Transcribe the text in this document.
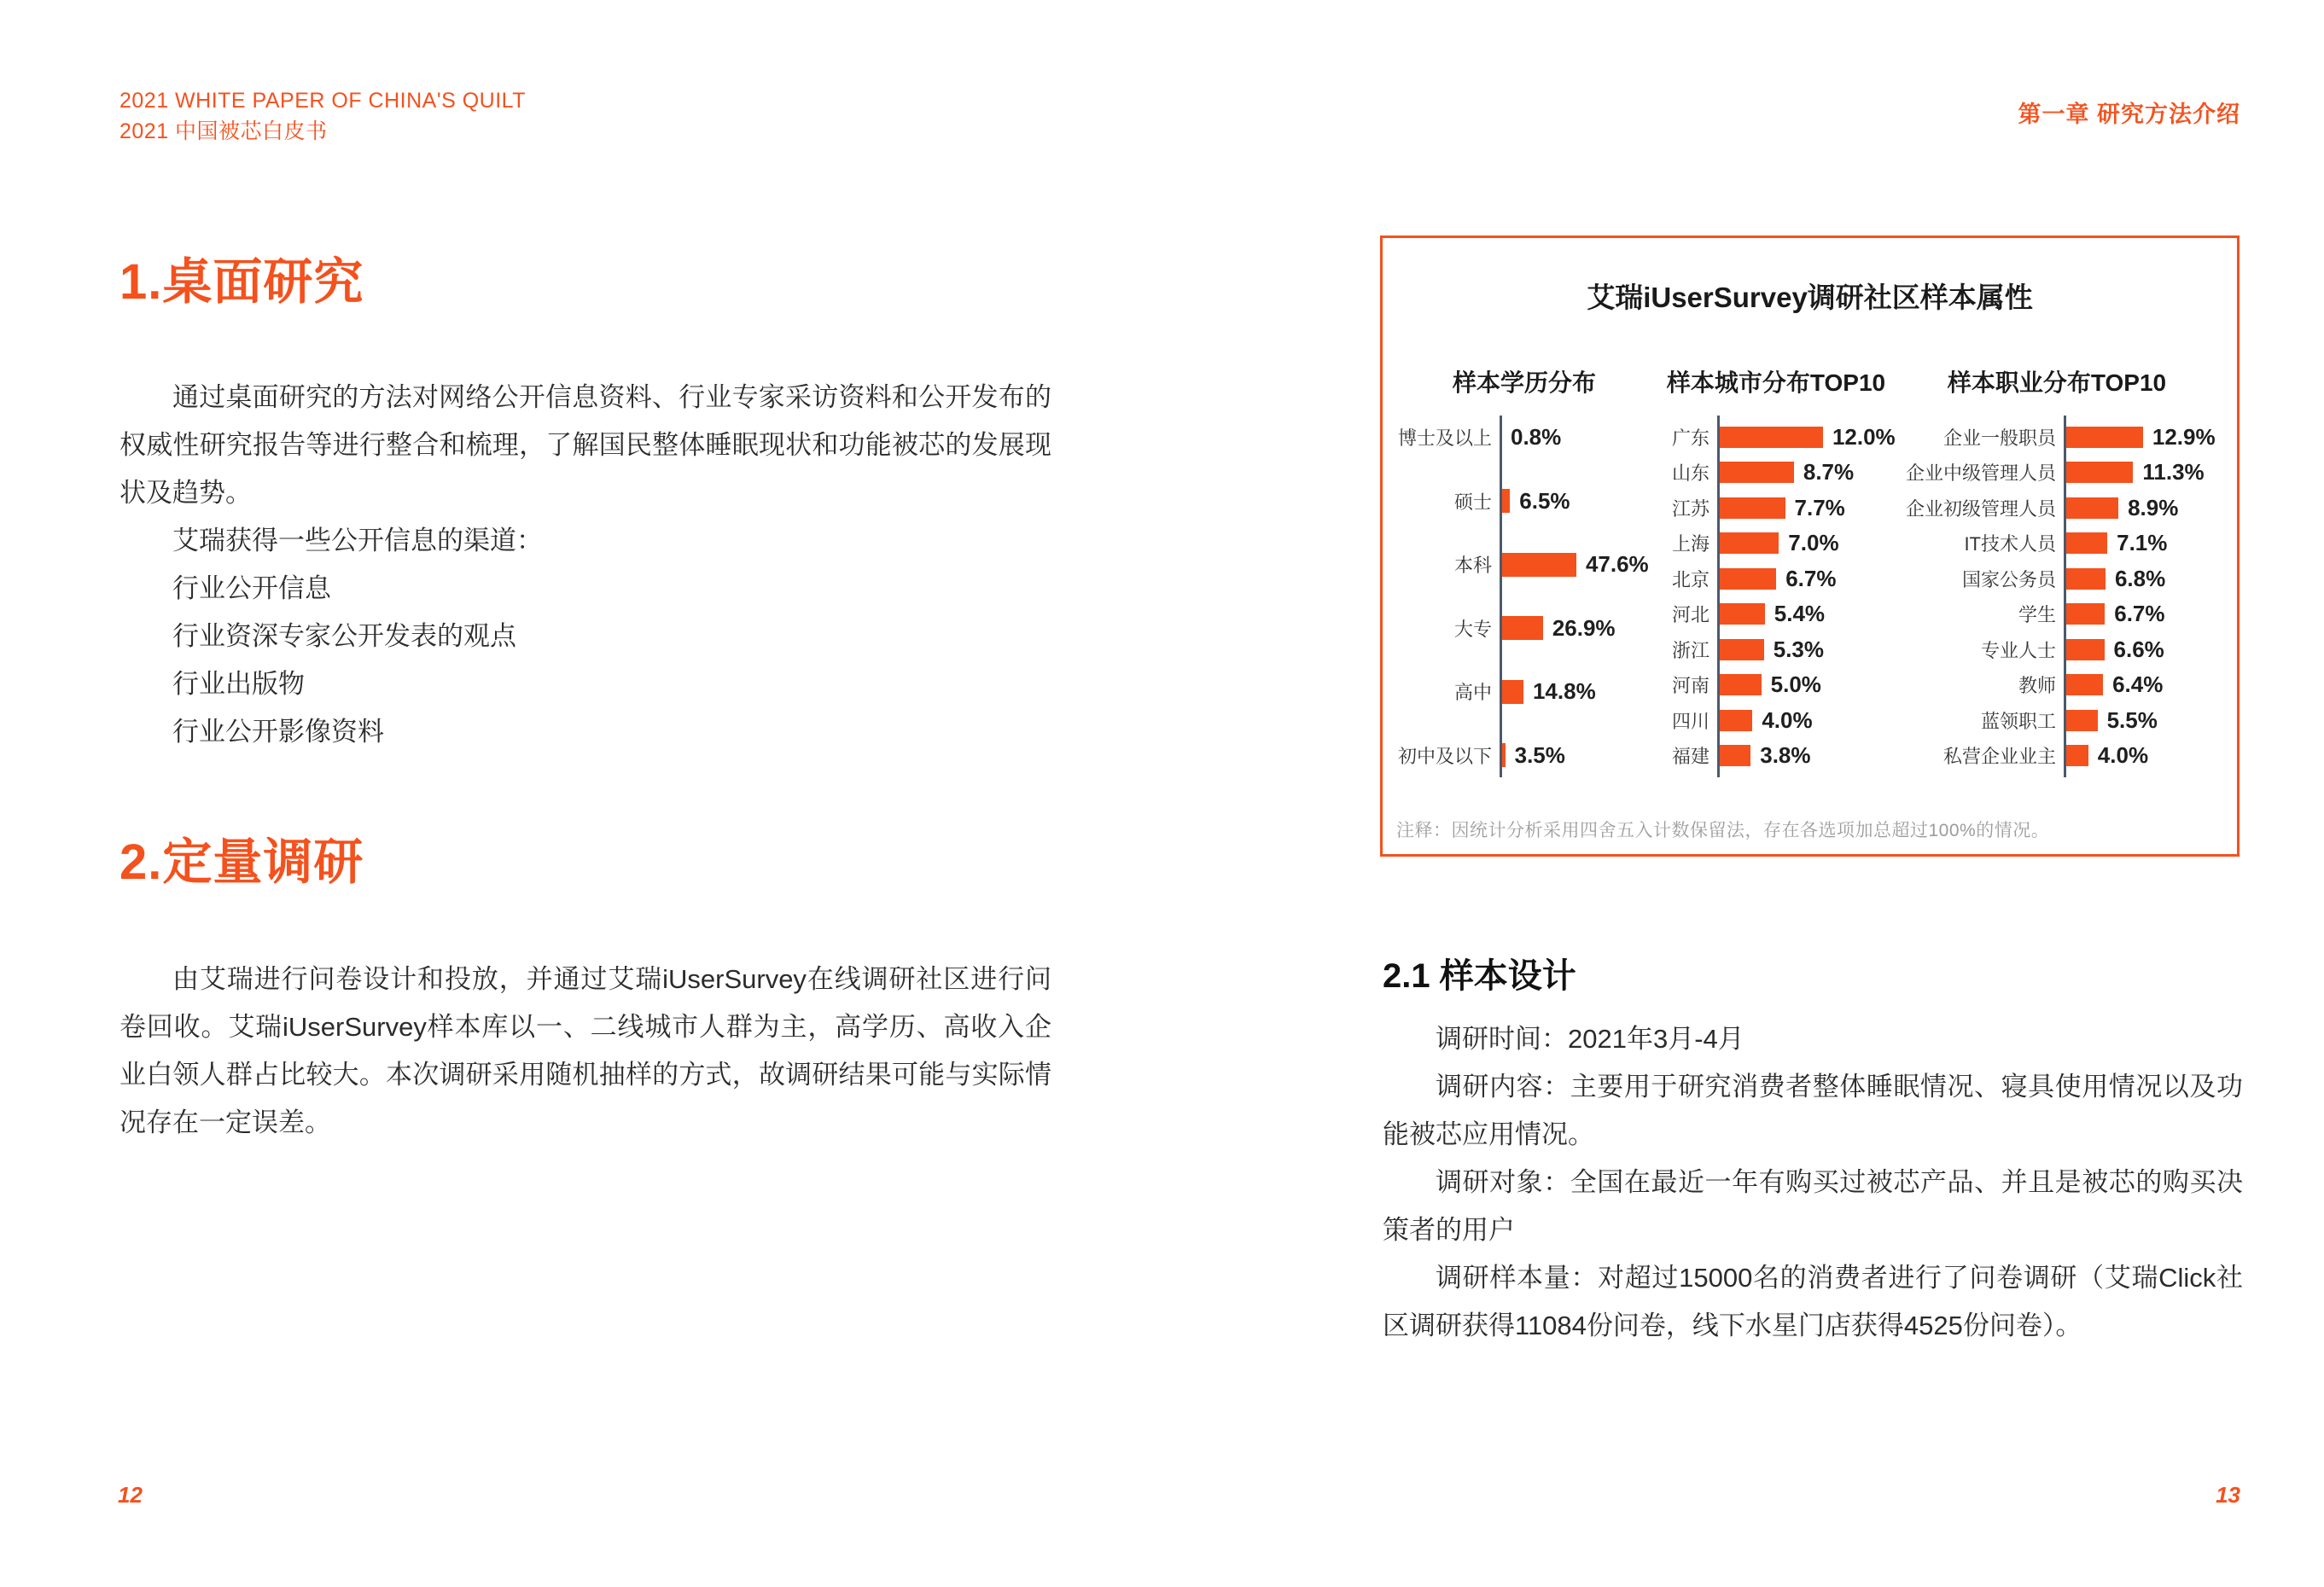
2021 WHITE PAPER OF CHINA'S QUILT
2021 中国被芯白皮书
第一章 研究方法介绍
1.桌面研究

通过桌面研究的方法对网络公开信息资料、行业专家采访资料和公开发布的权威性研究报告等进行整合和梳理，了解国民整体睡眠现状和功能被芯的发展现状及趋势。

艾瑞获得一些公开信息的渠道：

行业公开信息

行业资深专家公开发表的观点

行业出版物

行业公开影像资料

2.定量调研

由艾瑞进行问卷设计和投放，并通过艾瑞iUserSurvey在线调研社区进行问卷回收。艾瑞iUserSurvey样本库以一、二线城市人群为主，高学历、高收入企业白领人群占比较大。本次调研采用随机抽样的方式，故调研结果可能与实际情况存在一定误差。

艾瑞iUserSurvey调研社区样本属性
样本学历分布	样本城市分布TOP10	样本职业分布TOP10
博士及以上 0.8%
硕士	6.5%
本科	47.6%
大专	26.9%
高中	14.8%
初中及以下	3.5%
广东	12.0%
山东	8.7%
江苏	7.7%
上海	7.0%
北京	6.7%
河北	5.4%
浙江	5.3%
河南	5.0%
四川	4.0%
福建	3.8%
企业一般职员	12.9%
企业中级管理人员	11.3%
企业初级管理人员	8.9%
IT技术人员	7.1%
国家公务员	6.8%
学生	6.7%
专业人士	6.6%
教师	6.4%
蓝领职工	5.5%
私营企业业主	4.0%
注释：因统计分析采用四舍五入计数保留法，存在各选项加总超过100%的情况。
2.1 样本设计

调研时间：2021年3月-4月

调研内容：主要用于研究消费者整体睡眠情况、寝具使用情况以及功能被芯应用情况。

调研对象：全国在最近一年有购买过被芯产品、并且是被芯的购买决策者的用户

调研样本量：对超过15000名的消费者进行了问卷调研（艾瑞Click社区调研获得11084份问卷，线下水星门店获得4525份问卷）。

12	13
